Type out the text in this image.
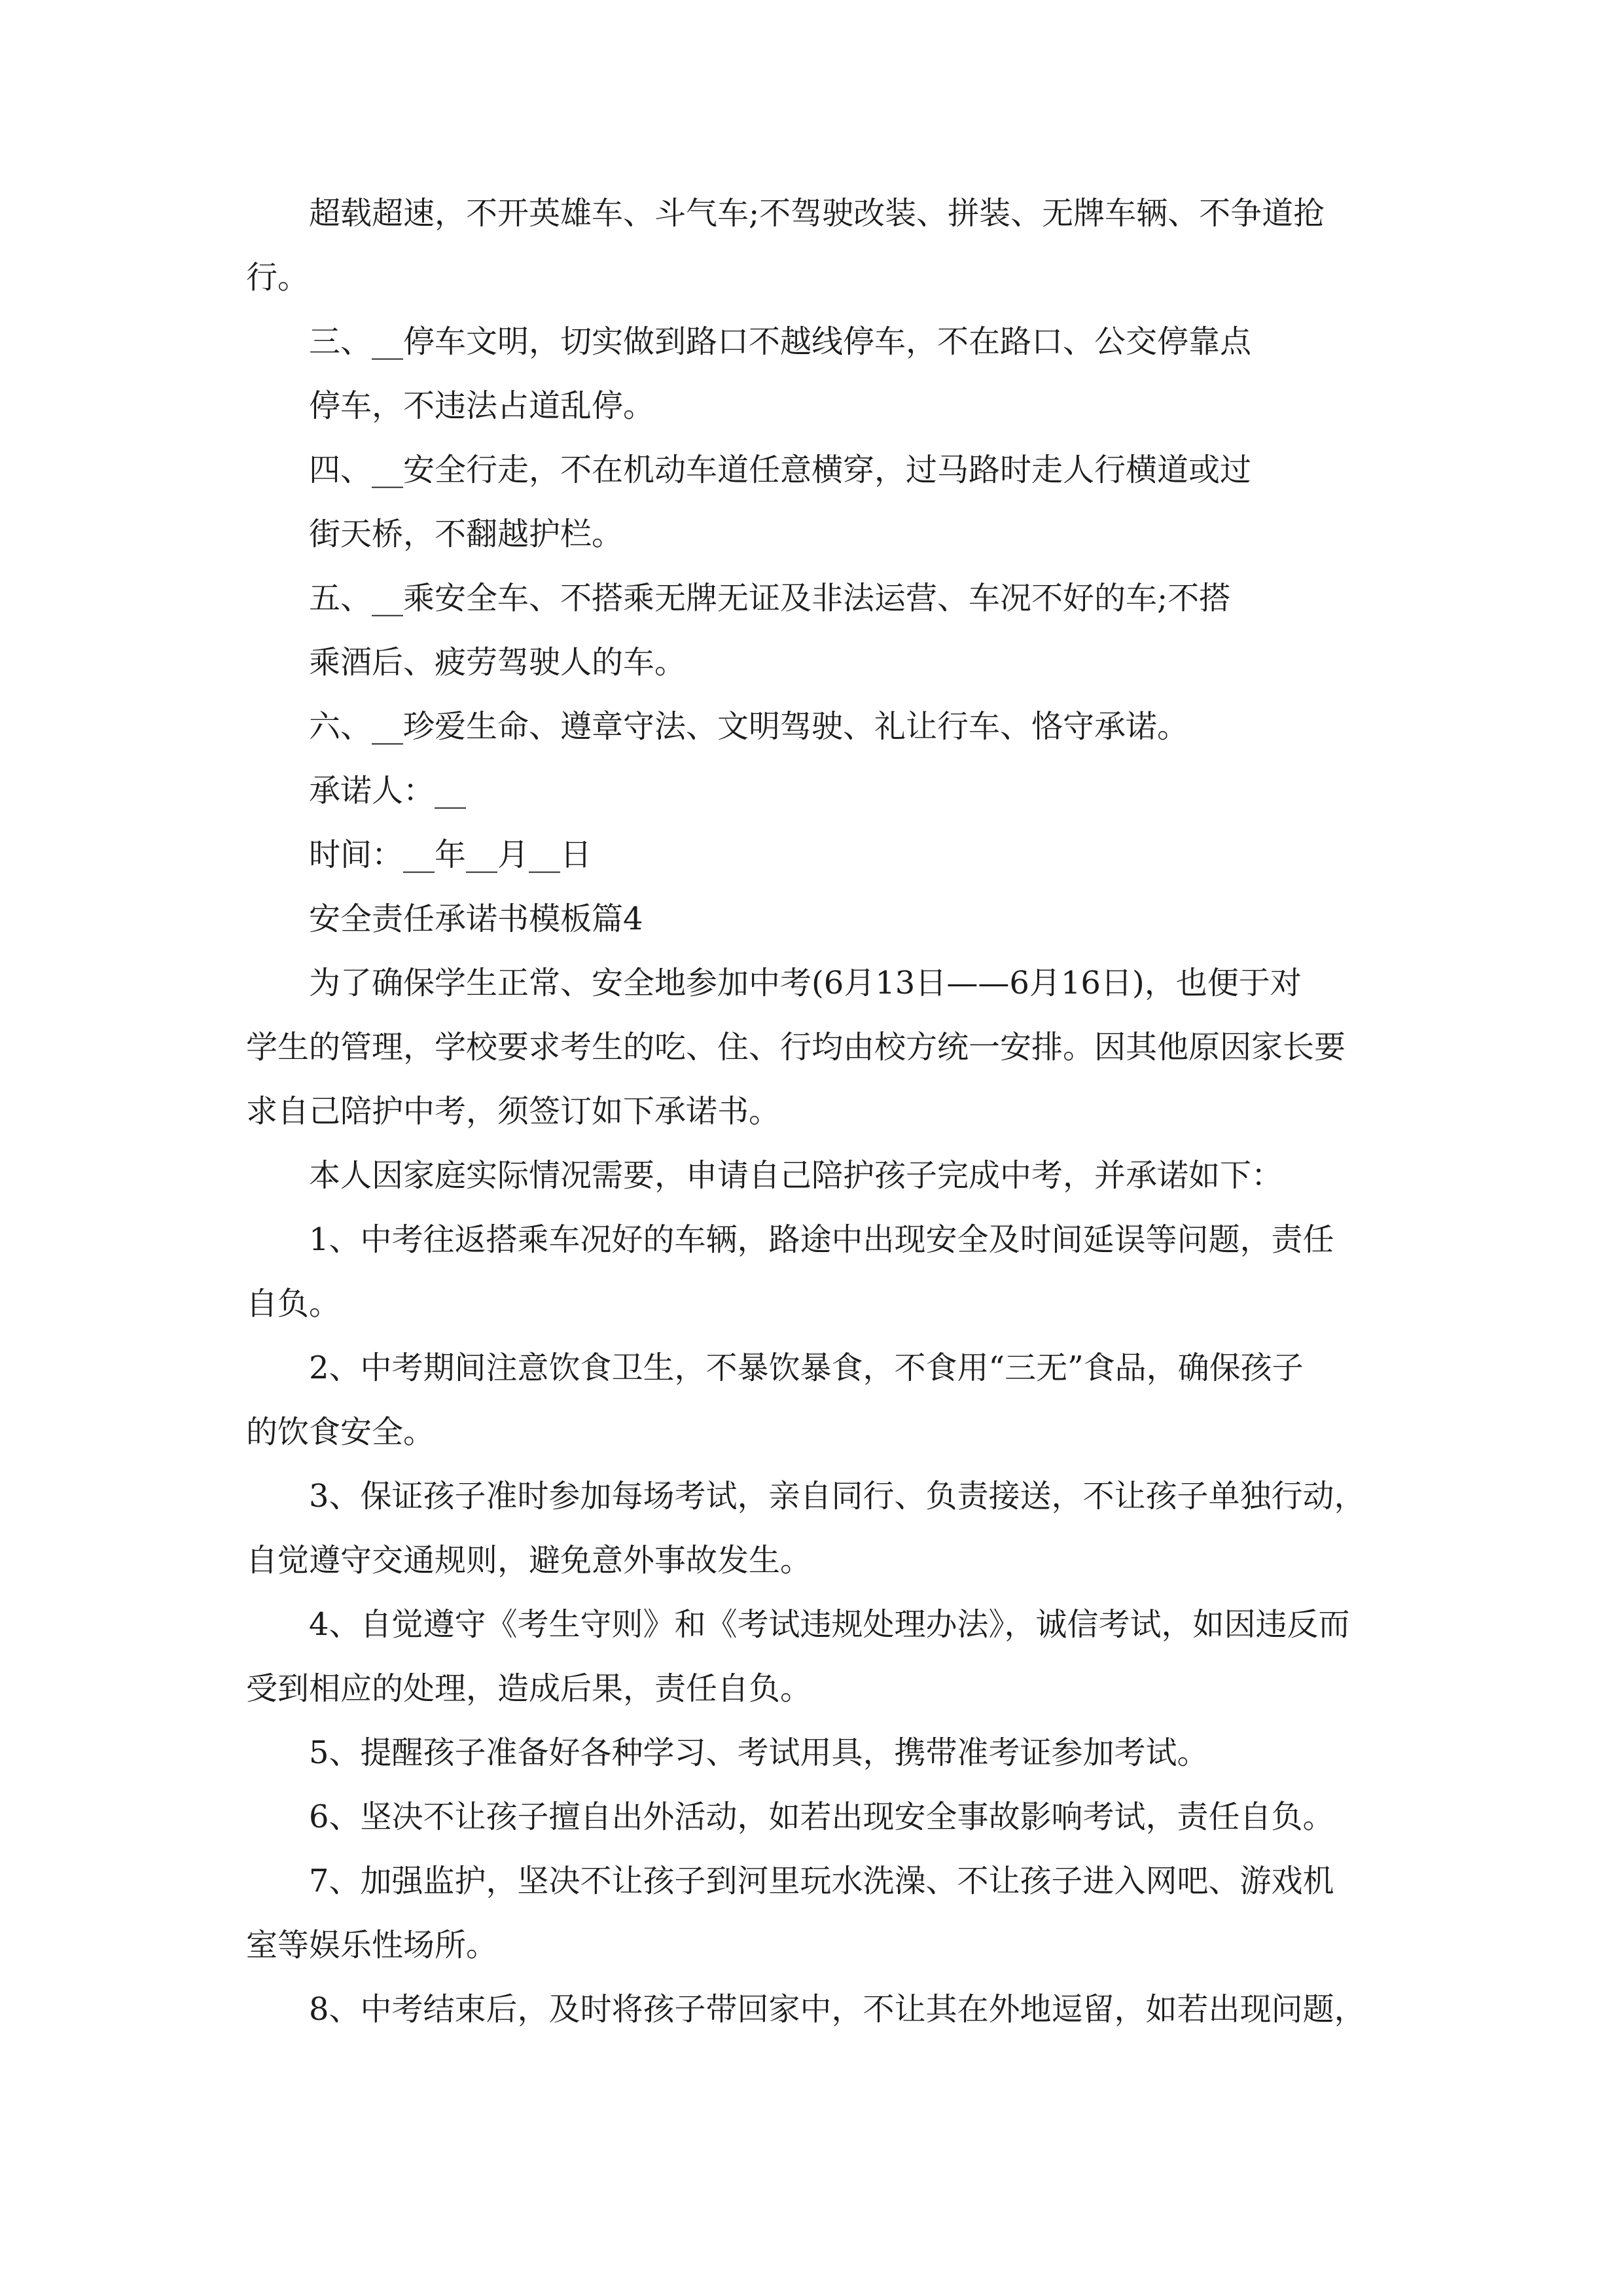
超载超速，不开英雄车、斗气车;不驾驶改装、拼装、无牌车辆、不争道抢
行。
三、__停车文明，切实做到路口不越线停车，不在路口、公交停靠点
停车，不违法占道乱停。
四、__安全行走，不在机动车道任意横穿，过马路时走人行横道或过
街天桥，不翻越护栏。
五、__乘安全车、不搭乘无牌无证及非法运营、车况不好的车;不搭
乘酒后、疲劳驾驶人的车。
六、__珍爱生命、遵章守法、文明驾驶、礼让行车、恪守承诺。
承诺人：__
时间：__年__月__日
安全责任承诺书模板篇4
为了确保学生正常、安全地参加中考(6月13日——6月16日)，也便于对
学生的管理，学校要求考生的吃、住、行均由校方统一安排。因其他原因家长要
求自己陪护中考，须签订如下承诺书。
本人因家庭实际情况需要，申请自己陪护孩子完成中考，并承诺如下：
1、中考往返搭乘车况好的车辆，路途中出现安全及时间延误等问题，责任
自负。
2、中考期间注意饮食卫生，不暴饮暴食，不食用“三无”食品，确保孩子
的饮食安全。
3、保证孩子准时参加每场考试，亲自同行、负责接送，不让孩子单独行动，
自觉遵守交通规则，避免意外事故发生。
4、自觉遵守《考生守则》和《考试违规处理办法》，诚信考试，如因违反而
受到相应的处理，造成后果，责任自负。
5、提醒孩子准备好各种学习、考试用具，携带准考证参加考试。
6、坚决不让孩子擅自出外活动，如若出现安全事故影响考试，责任自负。
7、加强监护，坚决不让孩子到河里玩水洗澡、不让孩子进入网吧、游戏机
室等娱乐性场所。
8、中考结束后，及时将孩子带回家中，不让其在外地逗留，如若出现问题，
